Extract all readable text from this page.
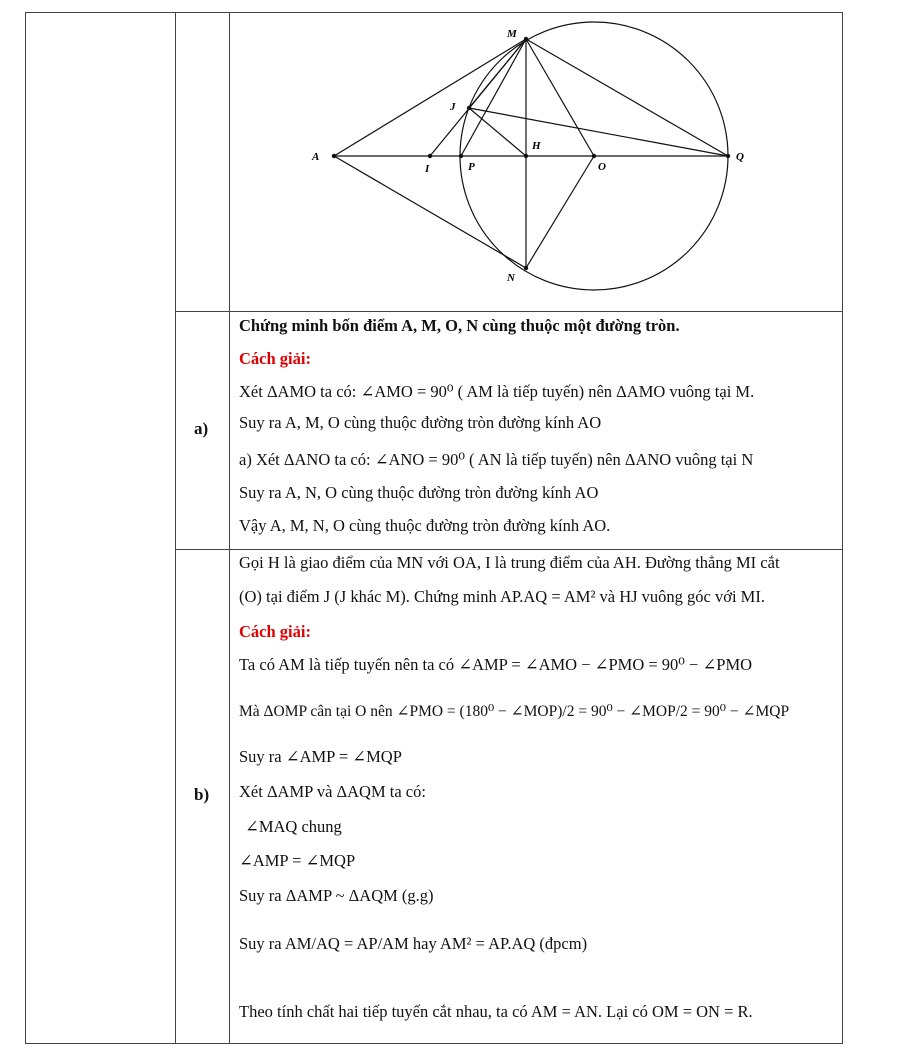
M
J
H
A
I	P	O
Q
N
a)
Chứng minh bốn điểm A, M, O, N cùng thuộc một đường tròn.
Cách giải:
Xét ΔAMO ta có: ∠AMO = 90⁰ ( AM là tiếp tuyến) nên ΔAMO vuông tại M.
Suy ra A, M, O cùng thuộc đường tròn đường kính AO
a) Xét ΔANO ta có: ∠ANO = 90⁰ ( AN là tiếp tuyến) nên ΔANO vuông tại N
Suy ra A, N, O cùng thuộc đường tròn đường kính AO
Vậy A, M, N, O cùng thuộc đường tròn đường kính AO.
b)
Gọi H là giao điểm của MN với OA, I là trung điểm của AH. Đường thẳng MI cắt
(O) tại điểm J (J khác M). Chứng minh AP.AQ = AM² và HJ vuông góc với MI.
Cách giải:
Ta có AM là tiếp tuyến nên ta có ∠AMP = ∠AMO − ∠PMO = 90⁰ − ∠PMO
Mà ΔOMP cân tại O nên ∠PMO = (180⁰ − ∠MOP)/2 = 90⁰ − ∠MOP/2 = 90⁰ − ∠MQP
Suy ra ∠AMP = ∠MQP
Xét ΔAMP và ΔAQM ta có:
∠MAQ chung
∠AMP = ∠MQP
Suy ra ΔAMP ~ ΔAQM (g.g)
Suy ra AM/AQ = AP/AM hay AM² = AP.AQ (đpcm)
Theo tính chất hai tiếp tuyến cắt nhau, ta có AM = AN. Lại có OM = ON = R.
